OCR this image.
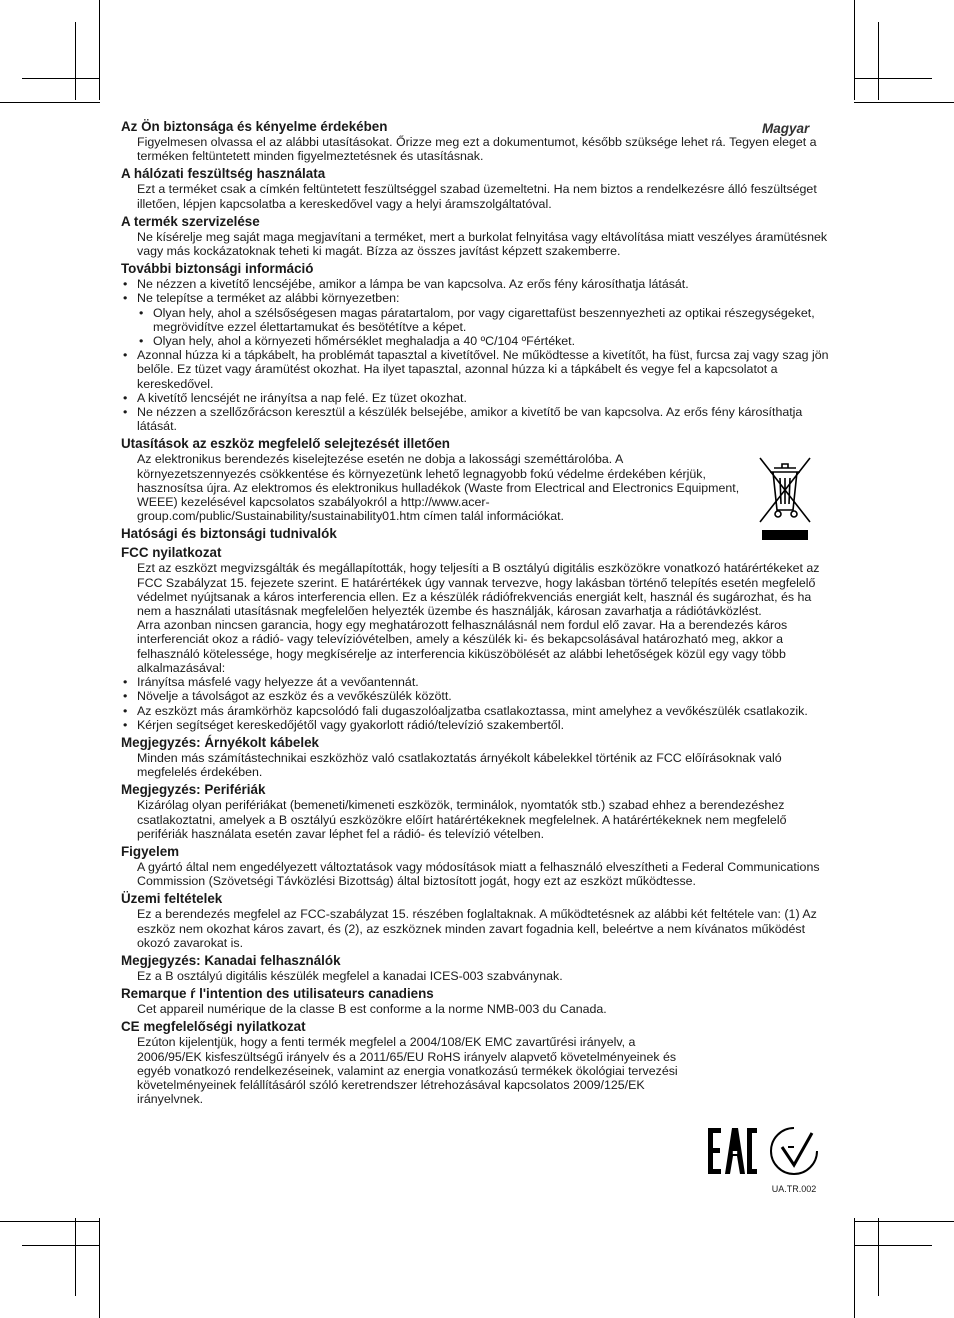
Magyar
Az Ön biztonsága és kényelme érdekében
Figyelmesen olvassa el az alábbi utasításokat. Őrizze meg ezt a dokumentumot, később szüksége lehet rá. Tegyen eleget a terméken feltüntetett minden figyelmeztetésnek és utasításnak.
A hálózati feszültség használata
Ezt a terméket csak a címkén feltüntetett feszültséggel szabad üzemeltetni. Ha nem biztos a rendelkezésre álló feszültséget illetően, lépjen kapcsolatba a kereskedővel vagy a helyi áramszolgáltatóval.
A termék szervizelése
Ne kísérelje meg saját maga megjavítani a terméket, mert a burkolat felnyitása vagy eltávolítása miatt veszélyes áramütésnek vagy más kockázatoknak teheti ki magát. Bízza az összes javítást képzett szakemberre.
További biztonsági információ
• Ne nézzen a kivetítő lencséjébe, amikor a lámpa be van kapcsolva. Az erős fény károsíthatja látását.
• Ne telepítse a terméket az alábbi környezetben:
• Olyan hely, ahol a szélsőségesen magas páratartalom, por vagy cigarettafüst beszennyezheti az optikai részegységeket, megrövidítve ezzel élettartamukat és besötétítve a képet.
• Olyan hely, ahol a környezeti hőmérséklet meghaladja a 40 ºC/104 ºFértéket.
• Azonnal húzza ki a tápkábelt, ha problémát tapasztal a kivetítővel. Ne működtesse a kivetítőt, ha füst, furcsa zaj vagy szag jön belőle. Ez tüzet vagy áramütést okozhat. Ha ilyet tapasztal, azonnal húzza ki a tápkábelt és vegye fel a kapcsolatot a kereskedővel.
• A kivetítő lencséjét ne irányítsa a nap felé. Ez tüzet okozhat.
• Ne nézzen a szellőzőrácson keresztül a készülék belsejébe, amikor a kivetítő be van kapcsolva. Az erős fény károsíthatja látását.
Utasítások az eszköz megfelelő selejtezését illetően
Az elektronikus berendezés kiselejtezése esetén ne dobja a lakossági szeméttárolóba. A környezetszennyezés csökkentése és környezetünk lehető legnagyobb fokú védelme érdekében kérjük, hasznosítsa újra. Az elektromos és elektronikus hulladékok (Waste from Electrical and Electronics Equipment, WEEE) kezelésével kapcsolatos szabályokról a http://www.acer-group.com/public/Sustainability/sustainability01.htm címen talál információkat.
Hatósági és biztonsági tudnivalók
FCC nyilatkozat
Ezt az eszközt megvizsgálták és megállapították, hogy teljesíti a B osztályú digitális eszközökre vonatkozó határértékeket az FCC Szabályzat 15. fejezete szerint. E határértékek úgy vannak tervezve, hogy lakásban történő telepítés esetén megfelelő védelmet nyújtsanak a káros interferencia ellen. Ez a készülék rádiófrekvenciás energiát kelt, használ és sugározhat, és ha nem a használati utasításnak megfelelően helyezték üzembe és használják, károsan zavarhatja a rádiótávközlést.
Arra azonban nincsen garancia, hogy egy meghatározott felhasználásnál nem fordul elő zavar. Ha a berendezés káros interferenciát okoz a rádió- vagy televízióvételben, amely a készülék ki- és bekapcsolásával határozható meg, akkor a felhasználó kötelessége, hogy megkísérelje az interferencia kiküszöbölését az alábbi lehetőségek közül egy vagy több alkalmazásával:
• Irányítsa másfelé vagy helyezze át a vevőantennát.
• Növelje a távolságot az eszköz és a vevőkészülék között.
• Az eszközt más áramkörhöz kapcsolódó fali dugaszolóaljzatba csatlakoztassa, mint amelyhez a vevőkészülék csatlakozik.
• Kérjen segítséget kereskedőjétől vagy gyakorlott rádió/televízió szakembertől.
Megjegyzés: Árnyékolt kábelek
Minden más számítástechnikai eszközhöz való csatlakoztatás árnyékolt kábelekkel történik az FCC előírásoknak való megfelelés érdekében.
Megjegyzés: Perifériák
Kizárólag olyan perifériákat (bemeneti/kimeneti eszközök, terminálok, nyomtatók stb.) szabad ehhez a berendezéshez csatlakoztatni, amelyek a B osztályú eszközökre előírt határértékeknek megfelelnek. A határértékeknek nem megfelelő perifériák használata esetén zavar léphet fel a rádió- és televízió vételben.
Figyelem
A gyártó által nem engedélyezett változtatások vagy módosítások miatt a felhasználó elveszítheti a Federal Communications Commission (Szövetségi Távközlési Bizottság) által biztosított jogát, hogy ezt az eszközt működtesse.
Üzemi feltételek
Ez a berendezés megfelel az FCC-szabályzat 15. részében foglaltaknak. A működtetésnek az alábbi két feltétele van: (1) Az eszköz nem okozhat káros zavart, és (2), az eszköznek minden zavart fogadnia kell, beleértve a nem kívánatos működést okozó zavarokat is.
Megjegyzés: Kanadai felhasználók
Ez a B osztályú digitális készülék megfelel a kanadai ICES-003 szabványnak.
Remarque ŕ l'intention des utilisateurs canadiens
Cet appareil numérique de la classe B est conforme a la norme NMB-003 du Canada.
CE megfelelőségi nyilatkozat
Ezúton kijelentjük, hogy a fenti termék megfelel a 2004/108/EK EMC zavartűrési irányelv, a 2006/95/EK kisfeszültségű irányelv és a 2011/65/EU RoHS irányelv alapvető követelményeinek és egyéb vonatkozó rendelkezéseinek, valamint az energia vonatkozású termékek ökológiai tervezési követelményeinek felállításáról szóló keretrendszer létrehozásával kapcsolatos 2009/125/EK irányelvnek.
UA.TR.002
